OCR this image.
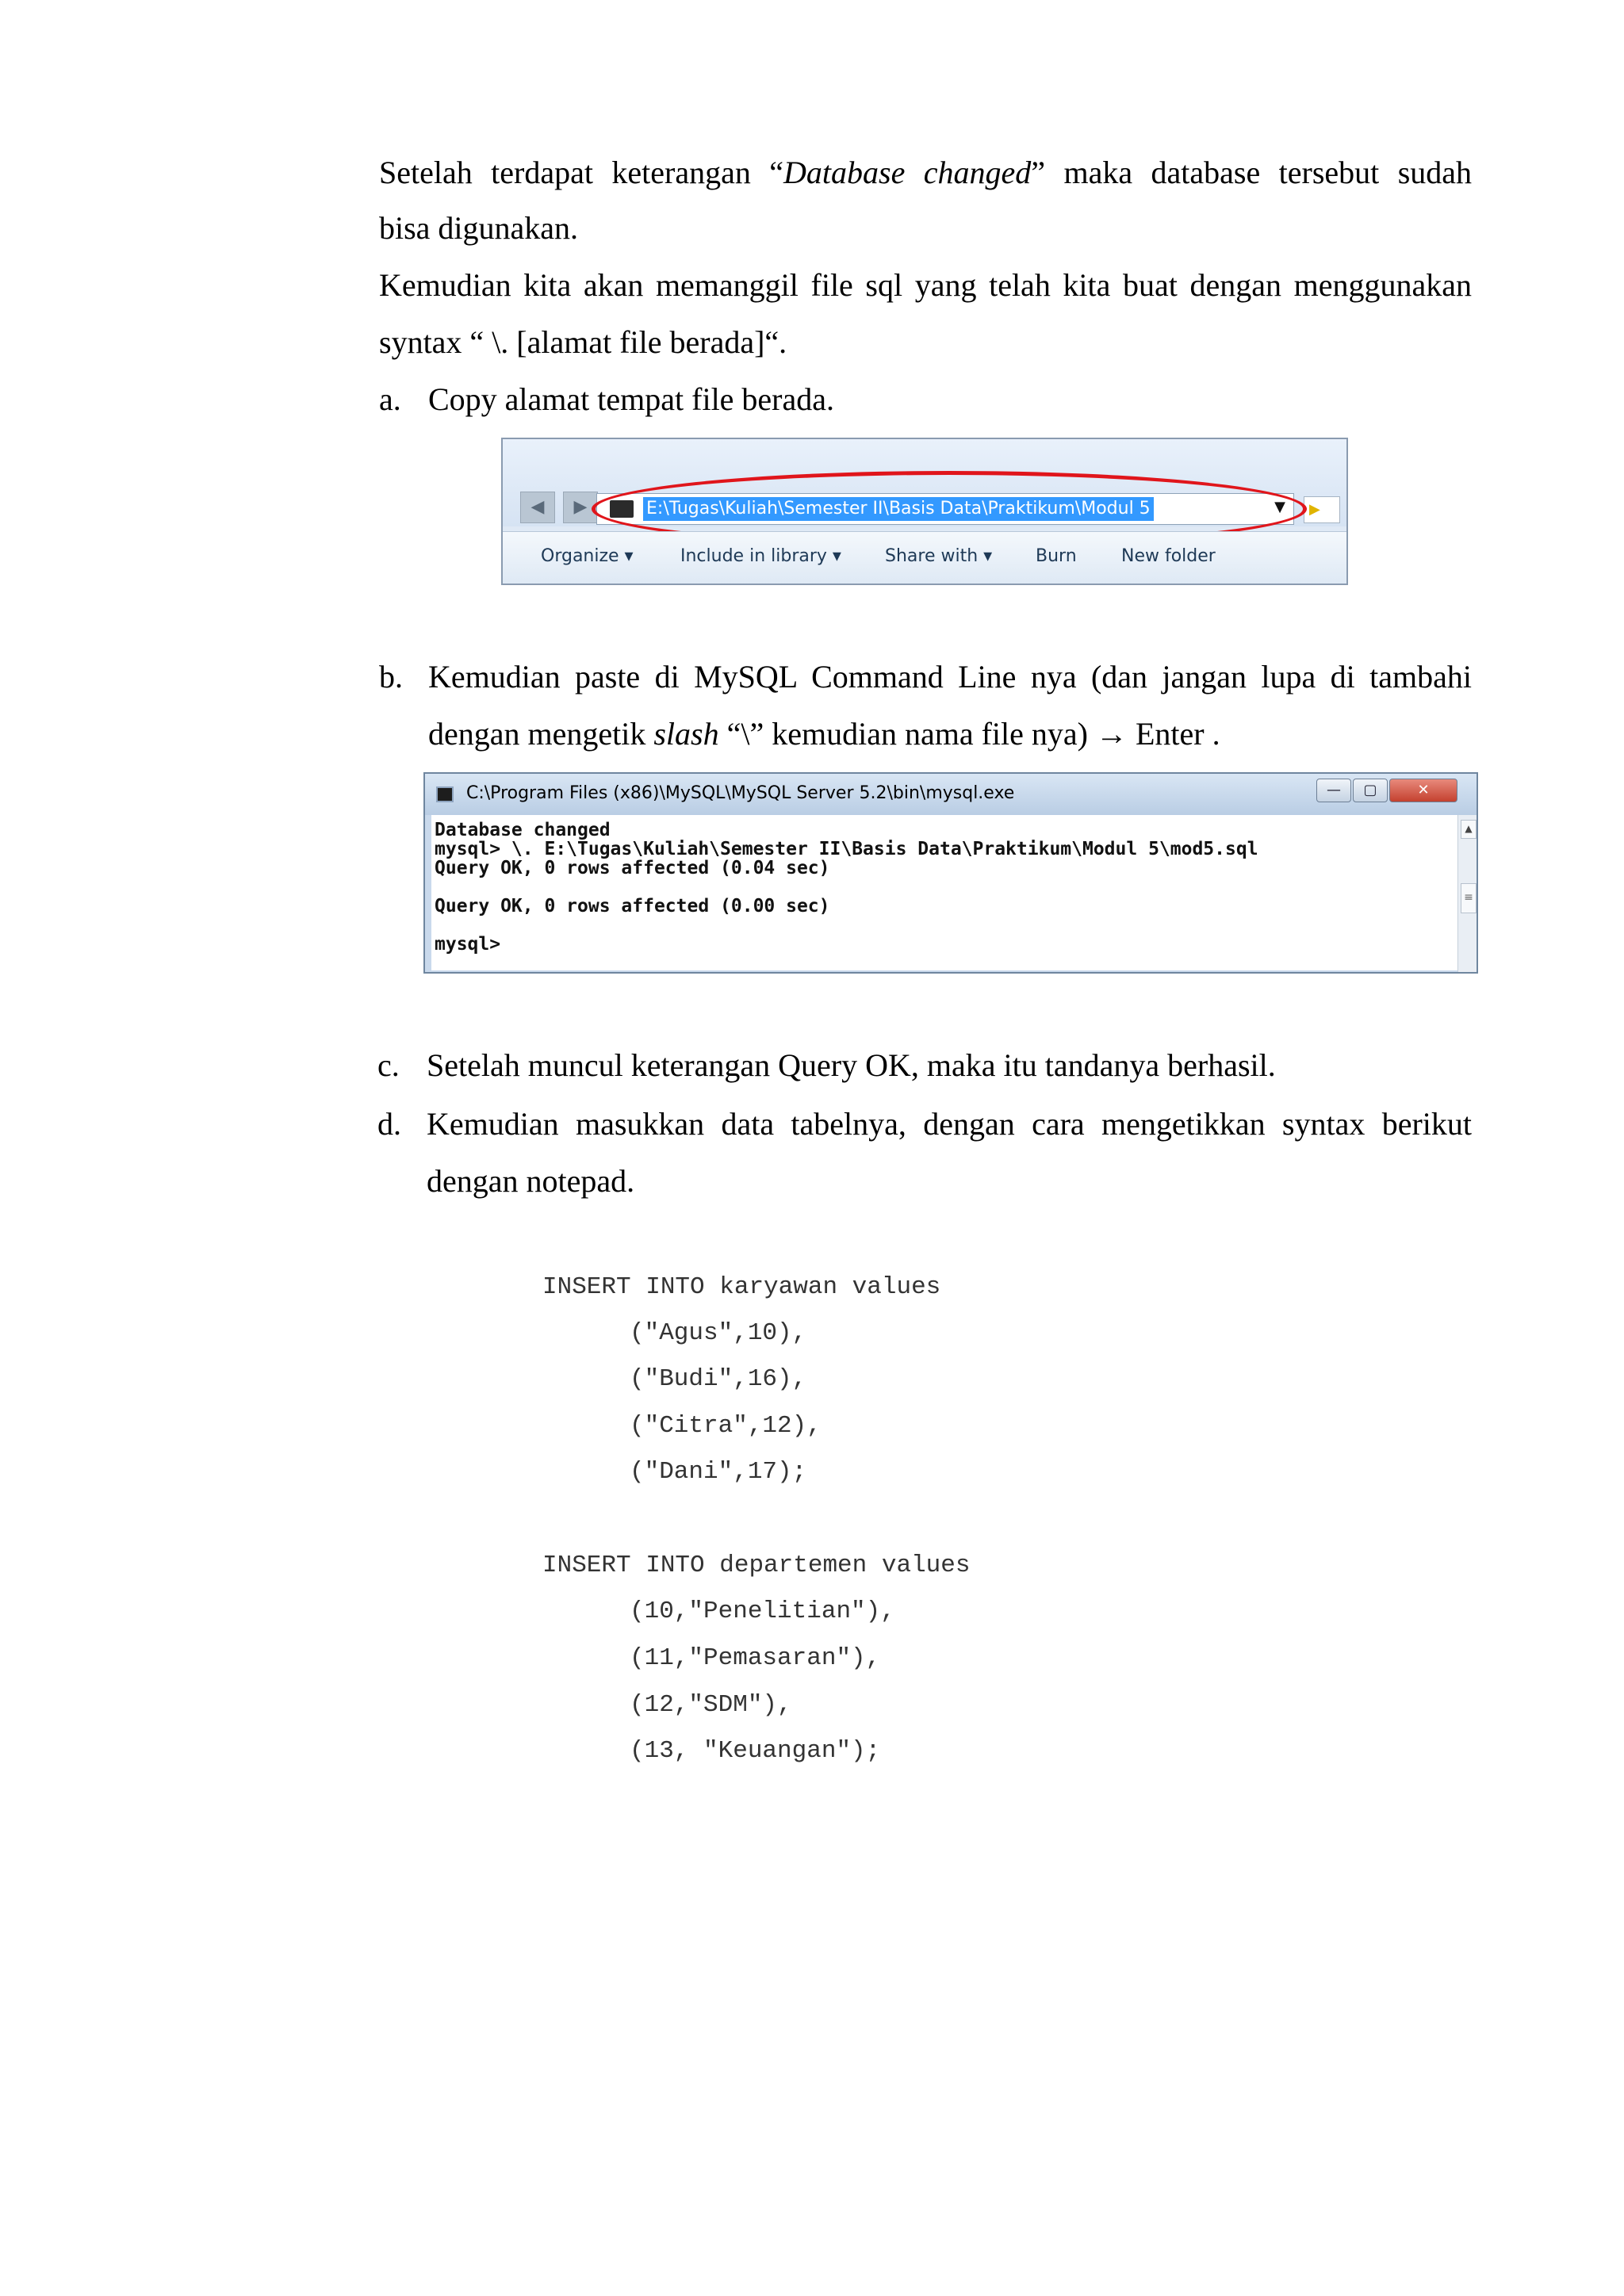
Setelah terdapat keterangan “Database changed” maka database tersebut sudah
bisa digunakan.
Kemudian kita akan memanggil file sql yang telah kita buat dengan menggunakan
syntax “ \. [alamat file berada]“.
a. Copy alamat tempat file berada.
◀	▶	E:\Tugas\Kuliah\Semester II\Basis Data\Praktikum\Modul 5	▼	▶
Organize ▾	Include in library ▾	Share with ▾ Burn	New folder
b. Kemudian paste di MySQL Command Line nya (dan jangan lupa di tambahi
dengan mengetik slash “\” kemudian nama file nya) → Enter .
C:\Program Files (x86)\MySQL\MySQL Server 5.2\bin\mysql.exe	—	▢	✕
Database changed
mysql> \. E:\Tugas\Kuliah\Semester II\Basis Data\Praktikum\Modul 5\mod5.sql
Query OK, 0 rows affected (0.04 sec)
Query OK, 0 rows affected (0.00 sec)
mysql>
▲
≡
c. Setelah muncul keterangan Query OK, maka itu tandanya berhasil.
d. Kemudian masukkan data tabelnya, dengan cara mengetikkan syntax berikut
dengan notepad.
INSERT INTO karyawan values
("Agus",10),
("Budi",16),
("Citra",12),
("Dani",17);
INSERT INTO departemen values
(10,"Penelitian"),
(11,"Pemasaran"),
(12,"SDM"),
(13, "Keuangan");
